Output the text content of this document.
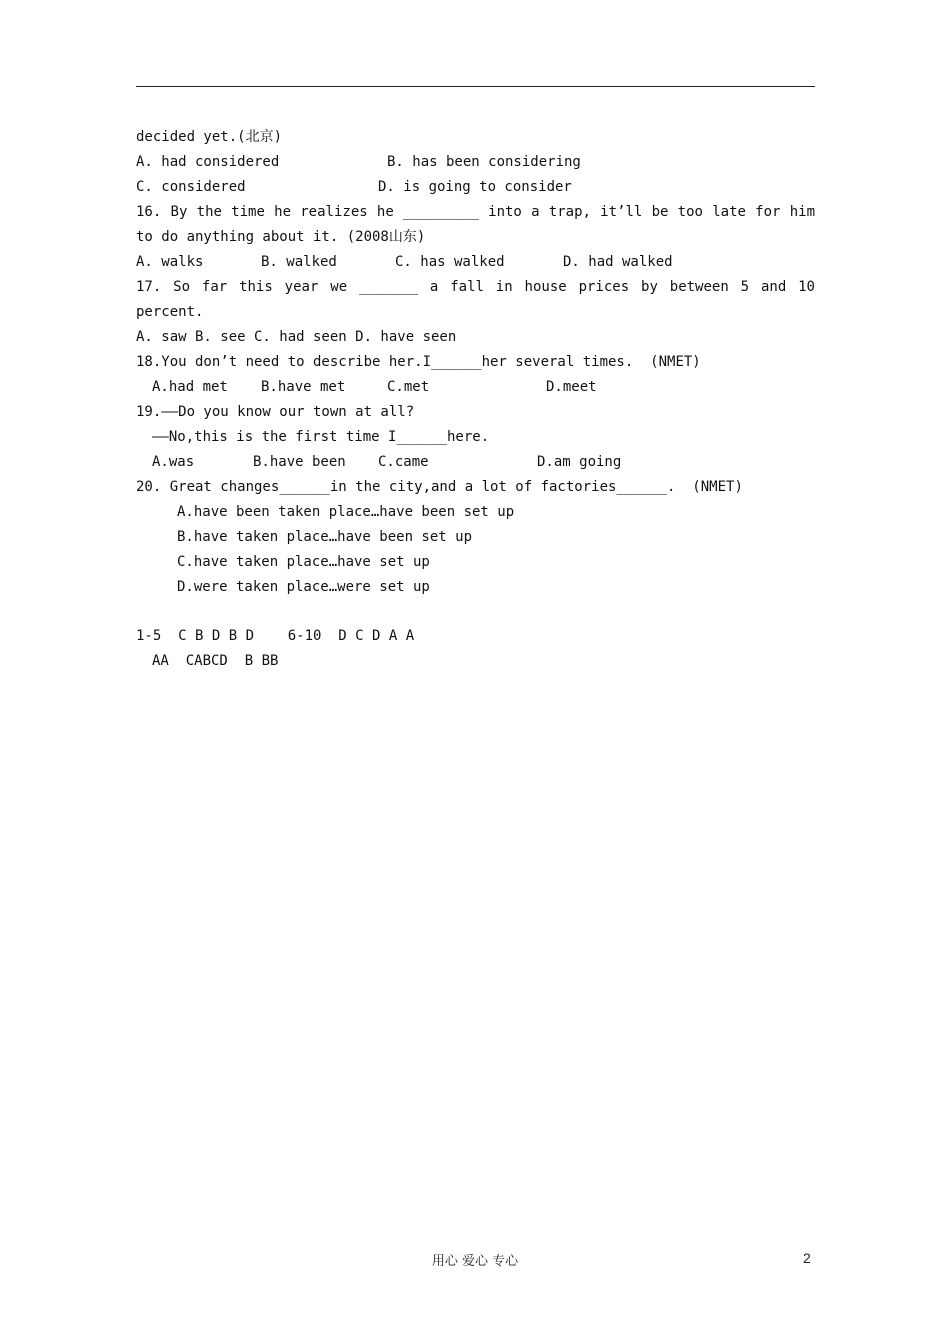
decided yet.(北京)

A. had considered

	B. has been considering

C. considered

	D. is going to consider

16. By the time he realizes he _________ into a trap, it’ll be too late for him
to do anything about it. (2008山东)

A. walks

	B. walked

	C. has walked

	D. had walked

17. So far this year we _______ a fall in house prices by between 5 and 10
percent.
A. saw B. see C. had seen D. have seen
18.You don’t need to describe her.I______her several times.  (NMET)

A.had met

B.have met

	C.met

	D.meet

19.——Do you know our town at all?
——No,this is the first time I______here.

A.was

	B.have been

C.came

	D.am going

20. Great changes______in the city,and a lot of factories______.  (NMET)
A.have been taken place…have been set up
B.have taken place…have been set up
C.have taken place…have set up
D.were taken place…were set up
1-5  C B D B D    6-10  D C D A A
AA  CABCD  B BB
用心 爱心 专心	2
